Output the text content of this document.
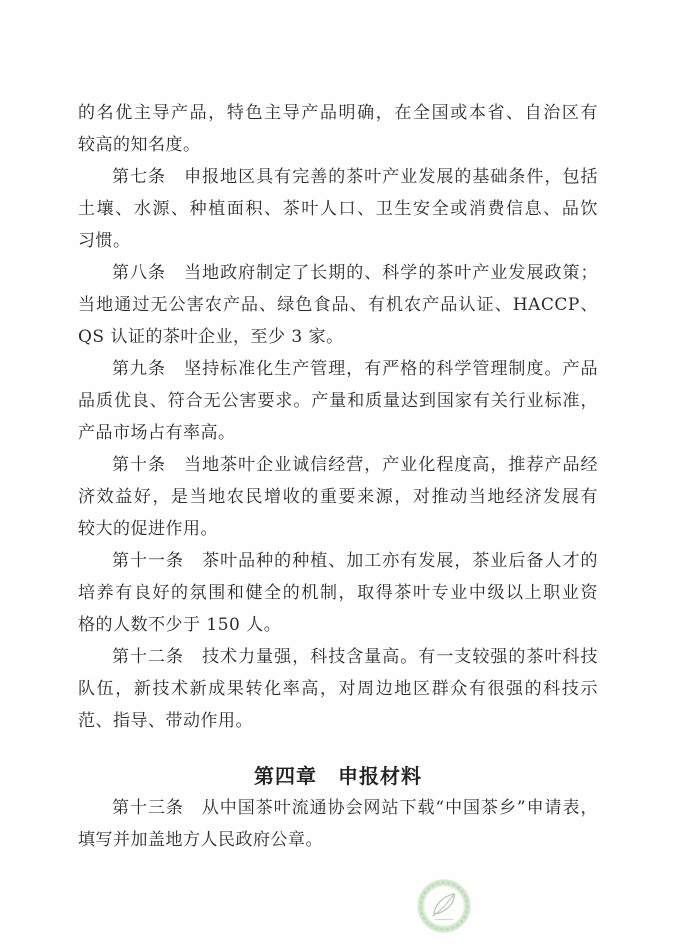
的名优主导产品，特色主导产品明确，在全国或本省、自治区有
较高的知名度。
第七条　申报地区具有完善的茶叶产业发展的基础条件，包括
土壤、水源、种植面积、茶叶人口、卫生安全或消费信息、品饮
习惯。
第八条　当地政府制定了长期的、科学的茶叶产业发展政策；
当地通过无公害农产品、绿色食品、有机农产品认证、HACCP、
QS 认证的茶叶企业，至少 3 家。
第九条　坚持标准化生产管理，有严格的科学管理制度。产品
品质优良、符合无公害要求。产量和质量达到国家有关行业标准，
产品市场占有率高。
第十条　当地茶叶企业诚信经营，产业化程度高，推荐产品经
济效益好，是当地农民增收的重要来源，对推动当地经济发展有
较大的促进作用。
第十一条　茶叶品种的种植、加工亦有发展，茶业后备人才的
培养有良好的氛围和健全的机制，取得茶叶专业中级以上职业资
格的人数不少于 150 人。
第十二条　技术力量强，科技含量高。有一支较强的茶叶科技
队伍，新技术新成果转化率高，对周边地区群众有很强的科技示
范、指导、带动作用。
第四章　申报材料
第十三条　从中国茶叶流通协会网站下载“中国茶乡”申请表，
填写并加盖地方人民政府公章。
